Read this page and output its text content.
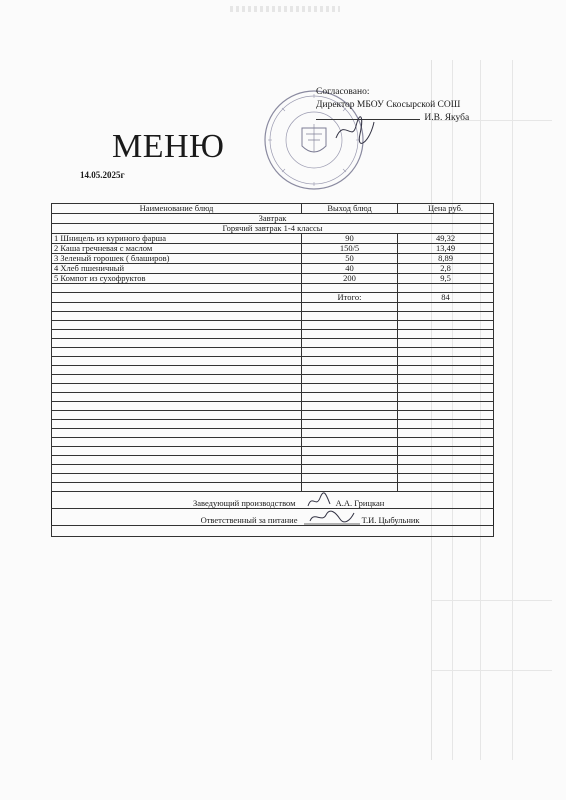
Согласовано:
Директор МБОУ Скосырской СОШ
И.В. Якуба
МЕНЮ
14.05.2025г
Наименование блюд	Выход блюд	Цена руб.
Завтрак		
Горячий завтрак 1-4 классы		
1 Шницель из куриного фарша	90	49,32
2 Каша гречневая с маслом	150/5	13,49
3 Зеленый горошек ( блаширов)	50	8,89
4 Хлеб пшеничный	40	2,8
5 Компот из сухофруктов	200	9,5

	Итого:	84

Заведующий производством	А.А. Грицкан	
Ответственный за питание	Т.И. Цыбульник	
